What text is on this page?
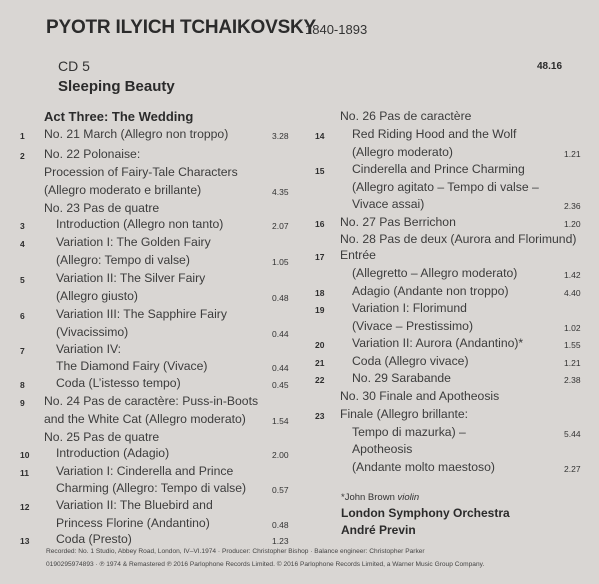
PYOTR ILYICH TCHAIKOVSKY
1840-1893
CD 5	48.16
Sleeping Beauty
Act Three: The Wedding
1 No. 21 March (Allegro non troppo)	3.28
2 No. 22 Polonaise:
Procession of Fairy-Tale Characters
(Allegro moderato e brillante)	4.35
No. 23 Pas de quatre
3	Introduction (Allegro non tanto)	2.07
4	Variation I: The Golden Fairy
(Allegro: Tempo di valse)	1.05
5	Variation II: The Silver Fairy
(Allegro giusto)	0.48
6	Variation III: The Sapphire Fairy
(Vivacissimo)	0.44
7	Variation IV:
The Diamond Fairy (Vivace)	0.44
8	Coda (L’istesso tempo)	0.45
9 No. 24 Pas de caractère: Puss-in-Boots
and the White Cat (Allegro moderato)	1.54
No. 25 Pas de quatre
10 Introduction (Adagio)	2.00
11 Variation I: Cinderella and Prince
Charming (Allegro: Tempo di valse)	0.57
12 Variation II: The Bluebird and
Princess Florine (Andantino)	0.48
13 Coda (Presto)	1.23
No. 26 Pas de caractère
14 Red Riding Hood and the Wolf
(Allegro moderato)	1.21
15 Cinderella and Prince Charming
(Allegro agitato – Tempo di valse –
Vivace assai)	2.36
16 No. 27 Pas Berrichon	1.20
No. 28 Pas de deux (Aurora and Florimund)
17 Entrée
(Allegretto – Allegro moderato)	1.42
18 Adagio (Andante non troppo)	4.40
19 Variation I: Florimund
(Vivace – Prestissimo)	1.02
20 Variation II: Aurora (Andantino)*	1.55
21 Coda (Allegro vivace)	1.21
22 No. 29 Sarabande	2.38
No. 30 Finale and Apotheosis
23 Finale (Allegro brillante:
Tempo di mazurka) –	5.44
Apotheosis
(Andante molto maestoso)	2.27
*John Brown violin
London Symphony Orchestra
André Previn
Recorded: No. 1 Studio, Abbey Road, London, IV–VI.1974 · Producer: Christopher Bishop · Balance engineer: Christopher Parker
0190295974893 · ℗ 1974 & Remastered ℗ 2016 Parlophone Records Limited. © 2016 Parlophone Records Limited, a Warner Music Group Company.
